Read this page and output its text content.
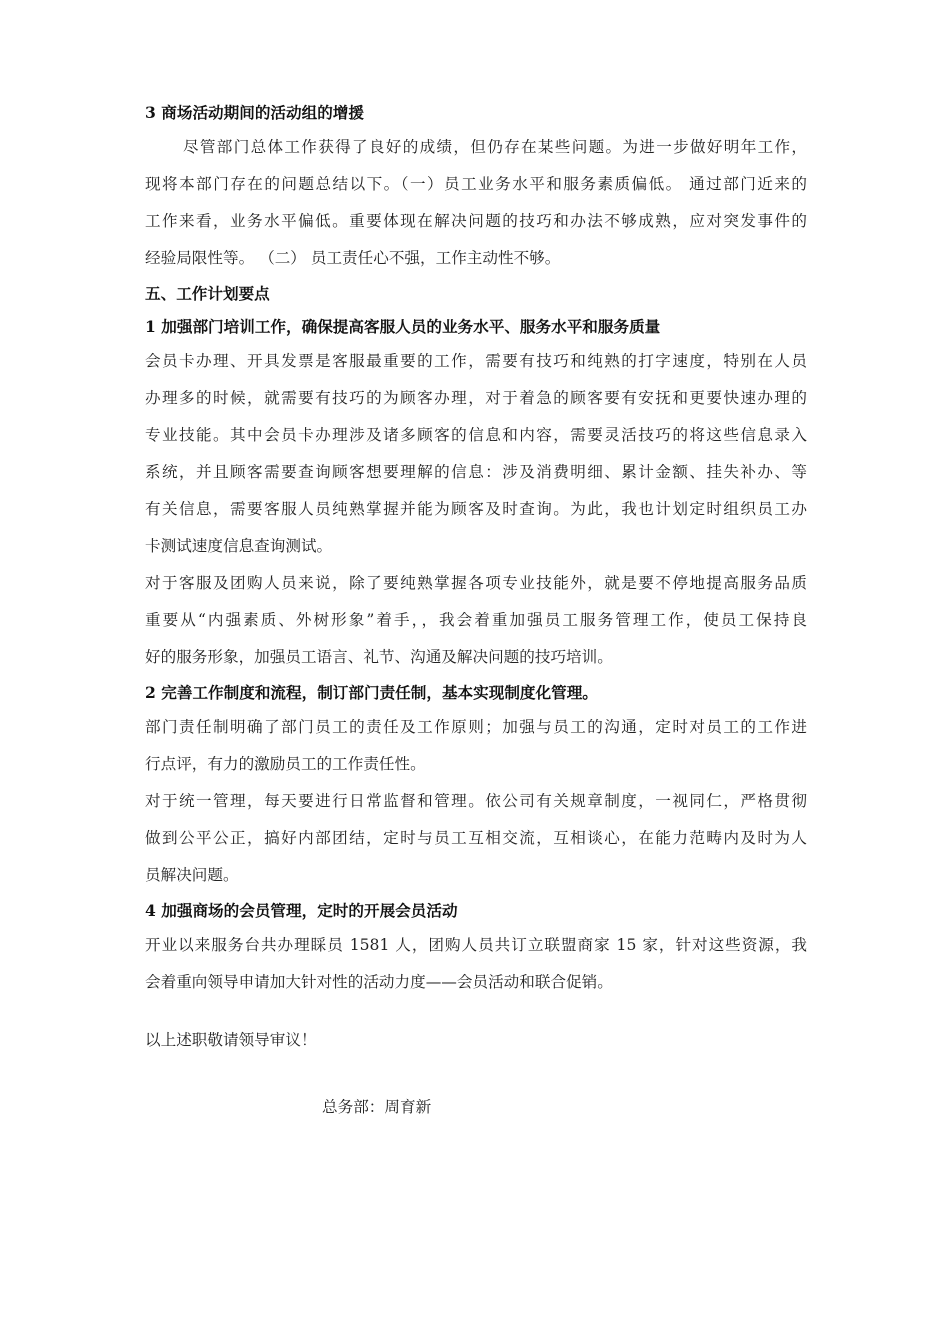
3 商场活动期间的活动组的增援
尽管部门总体工作获得了良好的成绩，但仍存在某些问题。为进一步做好明年工作，
现将本部门存在的问题总结以下。（一）员工业务水平和服务素质偏低。 通过部门近来的
工作来看，业务水平偏低。重要体现在解决问题的技巧和办法不够成熟，应对突发事件的
经验局限性等。 （二） 员工责任心不强，工作主动性不够。
五、工作计划要点
1 加强部门培训工作，确保提高客服人员的业务水平、服务水平和服务质量
会员卡办理、开具发票是客服最重要的工作，需要有技巧和纯熟的打字速度，特别在人员
办理多的时候，就需要有技巧的为顾客办理，对于着急的顾客要有安抚和更要快速办理的
专业技能。其中会员卡办理涉及诸多顾客的信息和内容，需要灵活技巧的将这些信息录入
系统，并且顾客需要查询顾客想要理解的信息：涉及消费明细、累计金额、挂失补办、等
有关信息，需要客服人员纯熟掌握并能为顾客及时查询。为此，我也计划定时组织员工办
卡测试速度信息查询测试。
对于客服及团购人员来说，除了要纯熟掌握各项专业技能外，就是要不停地提高服务品质
重要从“内强素质、外树形象”着手，，我会着重加强员工服务管理工作，使员工保持良
好的服务形象，加强员工语言、礼节、沟通及解决问题的技巧培训。
2 完善工作制度和流程，制订部门责任制，基本实现制度化管理。
部门责任制明确了部门员工的责任及工作原则；加强与员工的沟通，定时对员工的工作进
行点评，有力的激励员工的工作责任性。
对于统一管理，每天要进行日常监督和管理。依公司有关规章制度，一视同仁，严格贯彻
做到公平公正，搞好内部团结，定时与员工互相交流，互相谈心，在能力范畴内及时为人
员解决问题。
4 加强商场的会员管理，定时的开展会员活动
开业以来服务台共办理睬员 1581 人，团购人员共订立联盟商家 15 家，针对这些资源，我
会着重向领导申请加大针对性的活动力度——会员活动和联合促销。
以上述职敬请领导审议！
总务部：周育新
